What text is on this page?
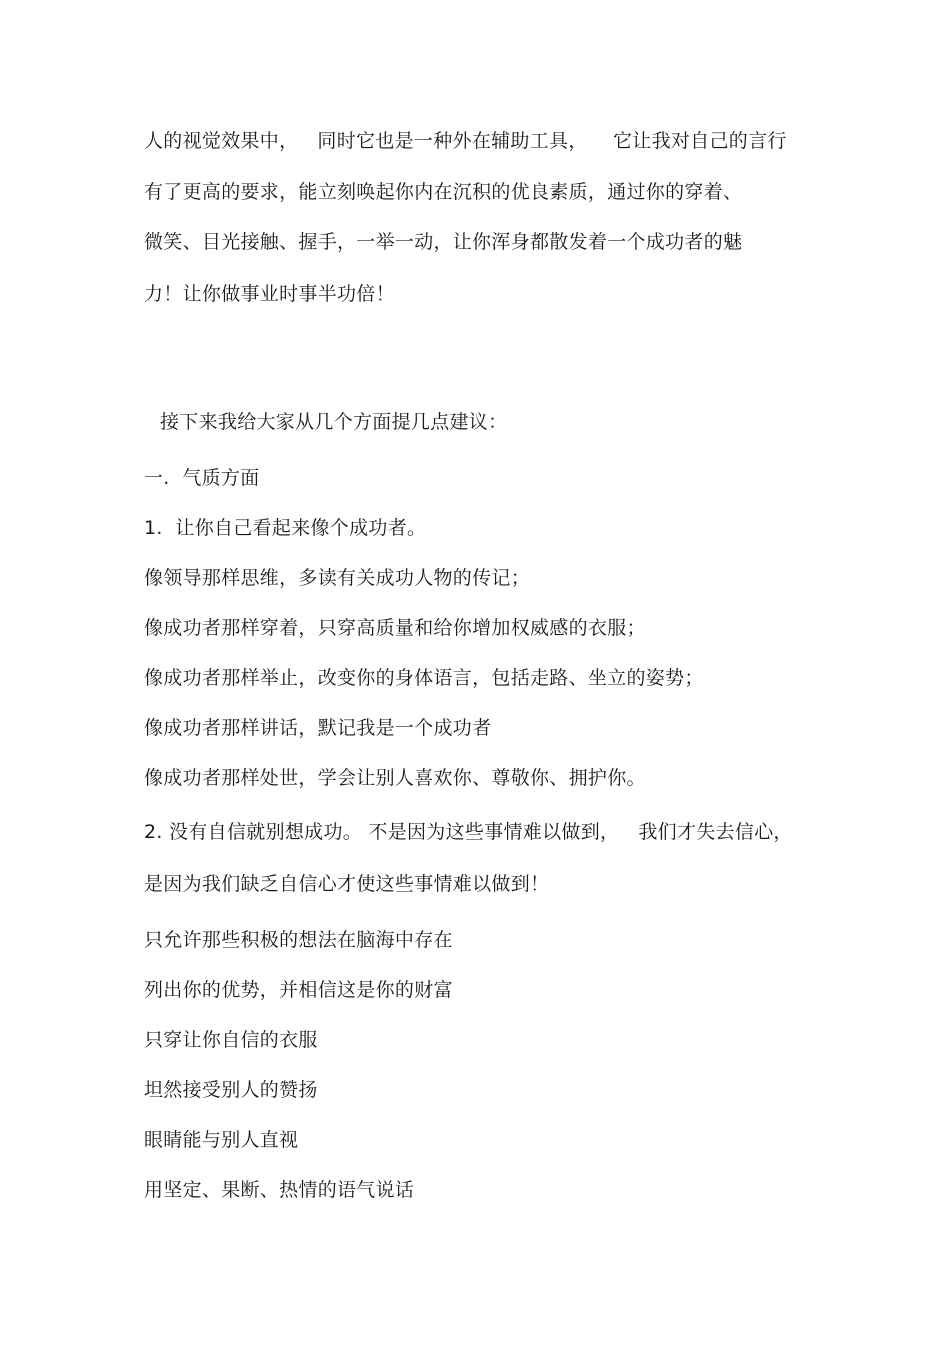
人的视觉效果中，   同时它也是一种外在辅助工具，    它让我对自己的言行
有了更高的要求，能立刻唤起你内在沉积的优良素质，通过你的穿着、
微笑、目光接触、握手，一举一动，让你浑身都散发着一个成功者的魅
力！让你做事业时事半功倍！
接下来我给大家从几个方面提几点建议：
一.  气质方面
1.  让你自己看起来像个成功者。
像领导那样思维，多读有关成功人物的传记；
像成功者那样穿着，只穿高质量和给你增加权威感的衣服；
像成功者那样举止，改变你的身体语言，包括走路、坐立的姿势；
像成功者那样讲话，默记我是一个成功者
像成功者那样处世，学会让别人喜欢你、尊敬你、拥护你。
2. 没有自信就别想成功。 不是因为这些事情难以做到，   我们才失去信心，
是因为我们缺乏自信心才使这些事情难以做到！
只允许那些积极的想法在脑海中存在
列出你的优势，并相信这是你的财富
只穿让你自信的衣服
坦然接受别人的赞扬
眼睛能与别人直视
用坚定、果断、热情的语气说话
